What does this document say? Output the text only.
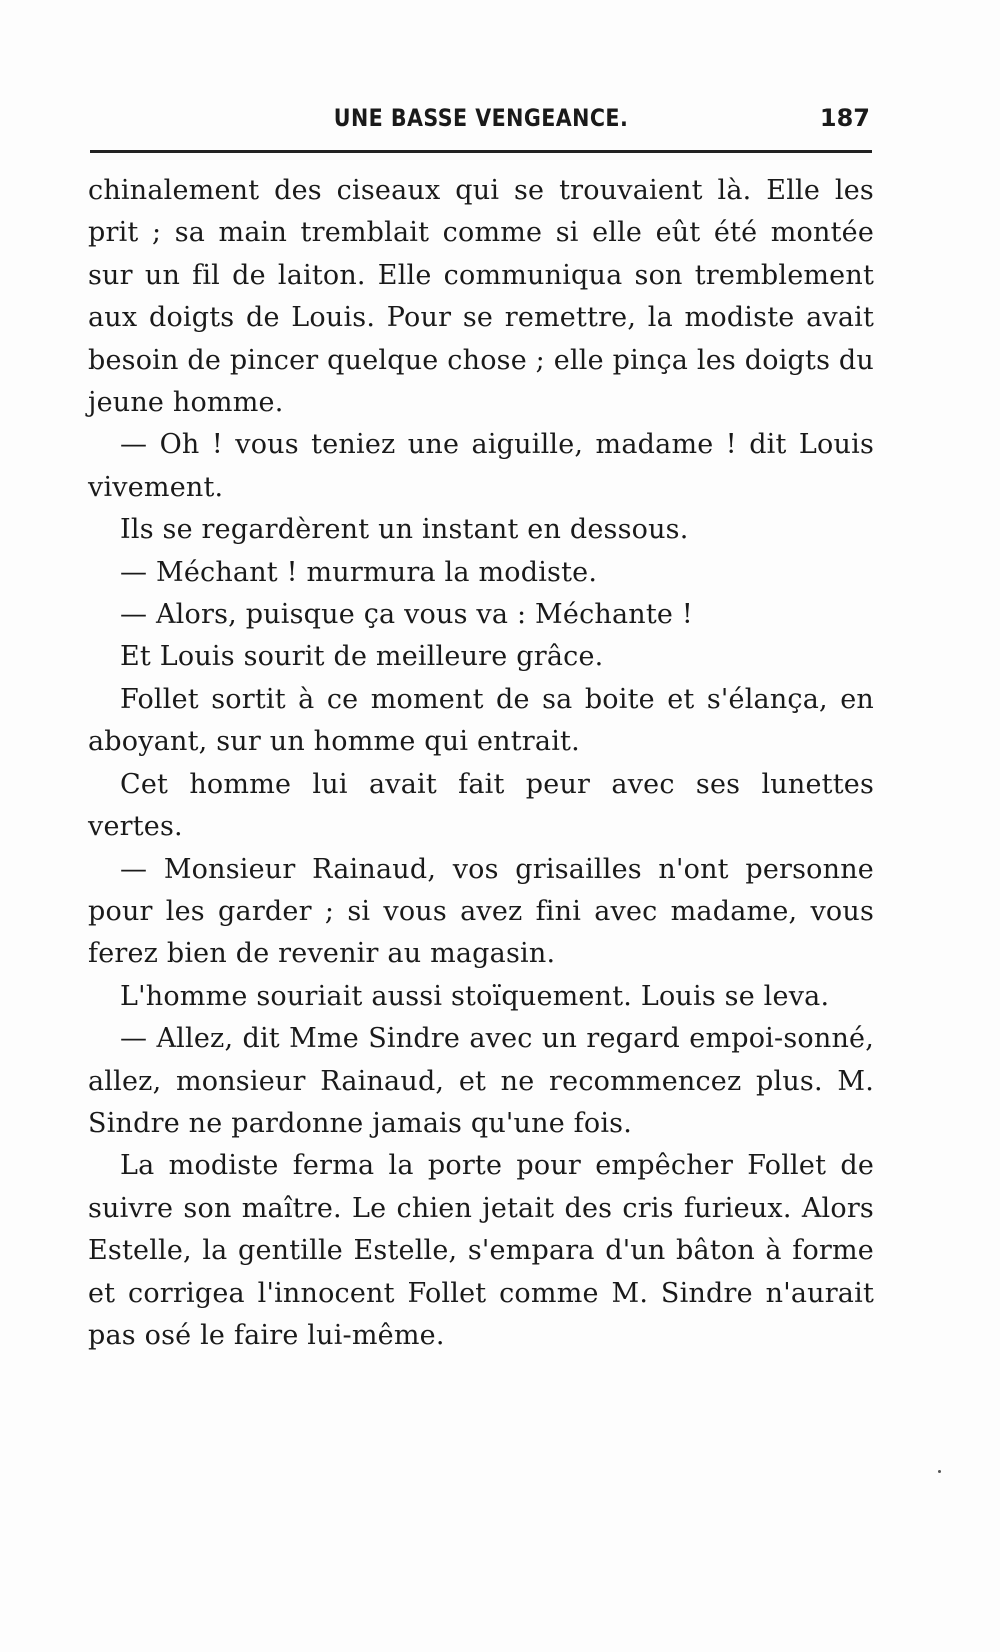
UNE BASSE VENGEANCE.	187

chinalement des ciseaux qui se trouvaient là. Elle les prit ; sa main tremblait comme si elle eût été montée sur un fil de laiton. Elle communiqua son tremblement aux doigts de Louis. Pour se remettre, la modiste avait besoin de pincer quelque chose ; elle pinça les doigts du jeune homme.

— Oh ! vous teniez une aiguille, madame ! dit Louis vivement.

Ils se regardèrent un instant en dessous.

— Méchant ! murmura la modiste.

— Alors, puisque ça vous va : Méchante !

Et Louis sourit de meilleure grâce.

Follet sortit à ce moment de sa boite et s'élança, en aboyant, sur un homme qui entrait.

Cet homme lui avait fait peur avec ses lunettes vertes.

— Monsieur Rainaud, vos grisailles n'ont personne pour les garder ; si vous avez fini avec madame, vous ferez bien de revenir au magasin.

L'homme souriait aussi stoïquement. Louis se leva.

— Allez, dit Mme Sindre avec un regard empoi-sonné, allez, monsieur Rainaud, et ne recommencez plus. M. Sindre ne pardonne jamais qu'une fois.

La modiste ferma la porte pour empêcher Follet de suivre son maître. Le chien jetait des cris furieux. Alors Estelle, la gentille Estelle, s'empara d'un bâton à forme et corrigea l'innocent Follet comme M. Sindre n'aurait pas osé le faire lui-même.
